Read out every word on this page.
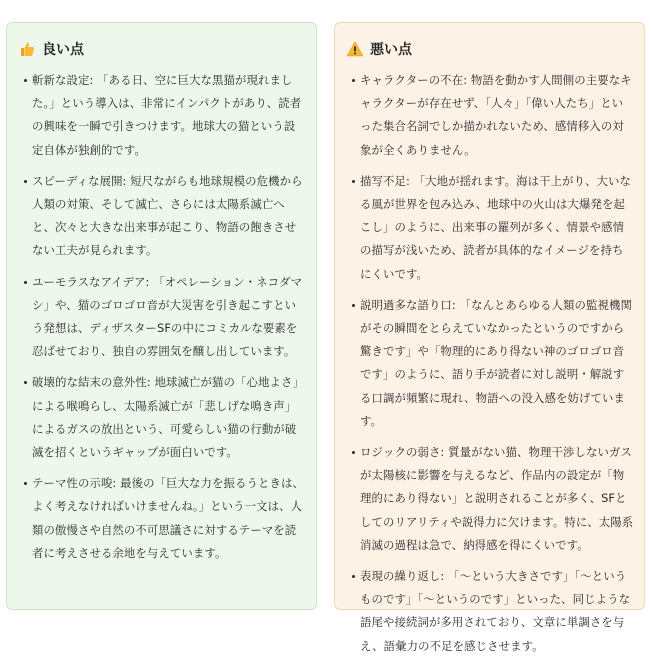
良い点
斬新な設定: 「ある日、空に巨大な黒猫が現れました。」という導入は、非常にインパクトがあり、読者の興味を一瞬で引きつけます。地球大の猫という設定自体が独創的です。
スピーディな展開: 短尺ながらも地球規模の危機から人類の対策、そして滅亡、さらには太陽系滅亡へと、次々と大きな出来事が起こり、物語の飽きさせない工夫が見られます。
ユーモラスなアイデア: 「オペレーション・ネコダマシ」や、猫のゴロゴロ音が大災害を引き起こすという発想は、ディザスターSFの中にコミカルな要素を忍ばせており、独自の雰囲気を醸し出しています。
破壊的な結末の意外性: 地球滅亡が猫の「心地よさ」による喉鳴らし、太陽系滅亡が「悲しげな鳴き声」によるガスの放出という、可愛らしい猫の行動が破滅を招くというギャップが面白いです。
テーマ性の示唆: 最後の「巨大な力を振るうときは、よく考えなければいけませんね。」という一文は、人類の傲慢さや自然の不可思議さに対するテーマを読者に考えさせる余地を与えています。
悪い点
キャラクターの不在: 物語を動かす人間側の主要なキャラクターが存在せず、「人々」「偉い人たち」といった集合名詞でしか描かれないため、感情移入の対象が全くありません。
描写不足: 「大地が揺れます。海は干上がり、大いなる風が世界を包み込み、地球中の火山は大爆発を起こし」のように、出来事の羅列が多く、情景や感情の描写が浅いため、読者が具体的なイメージを持ちにくいです。
説明過多な語り口: 「なんとあらゆる人類の監視機関がその瞬間をとらえていなかったというのですから驚きです」や「物理的にあり得ない神のゴロゴロ音です」のように、語り手が読者に対し説明・解説する口調が頻繁に現れ、物語への没入感を妨げています。
ロジックの弱さ: 質量がない猫、物理干渉しないガスが太陽核に影響を与えるなど、作品内の設定が「物理的にあり得ない」と説明されることが多く、SFとしてのリアリティや説得力に欠けます。特に、太陽系消滅の過程は急で、納得感を得にくいです。
表現の繰り返し: 「〜という大きさです」「〜というものです」「〜というのです」といった、同じような語尾や接続詞が多用されており、文章に単調さを与え、語彙力の不足を感じさせます。
